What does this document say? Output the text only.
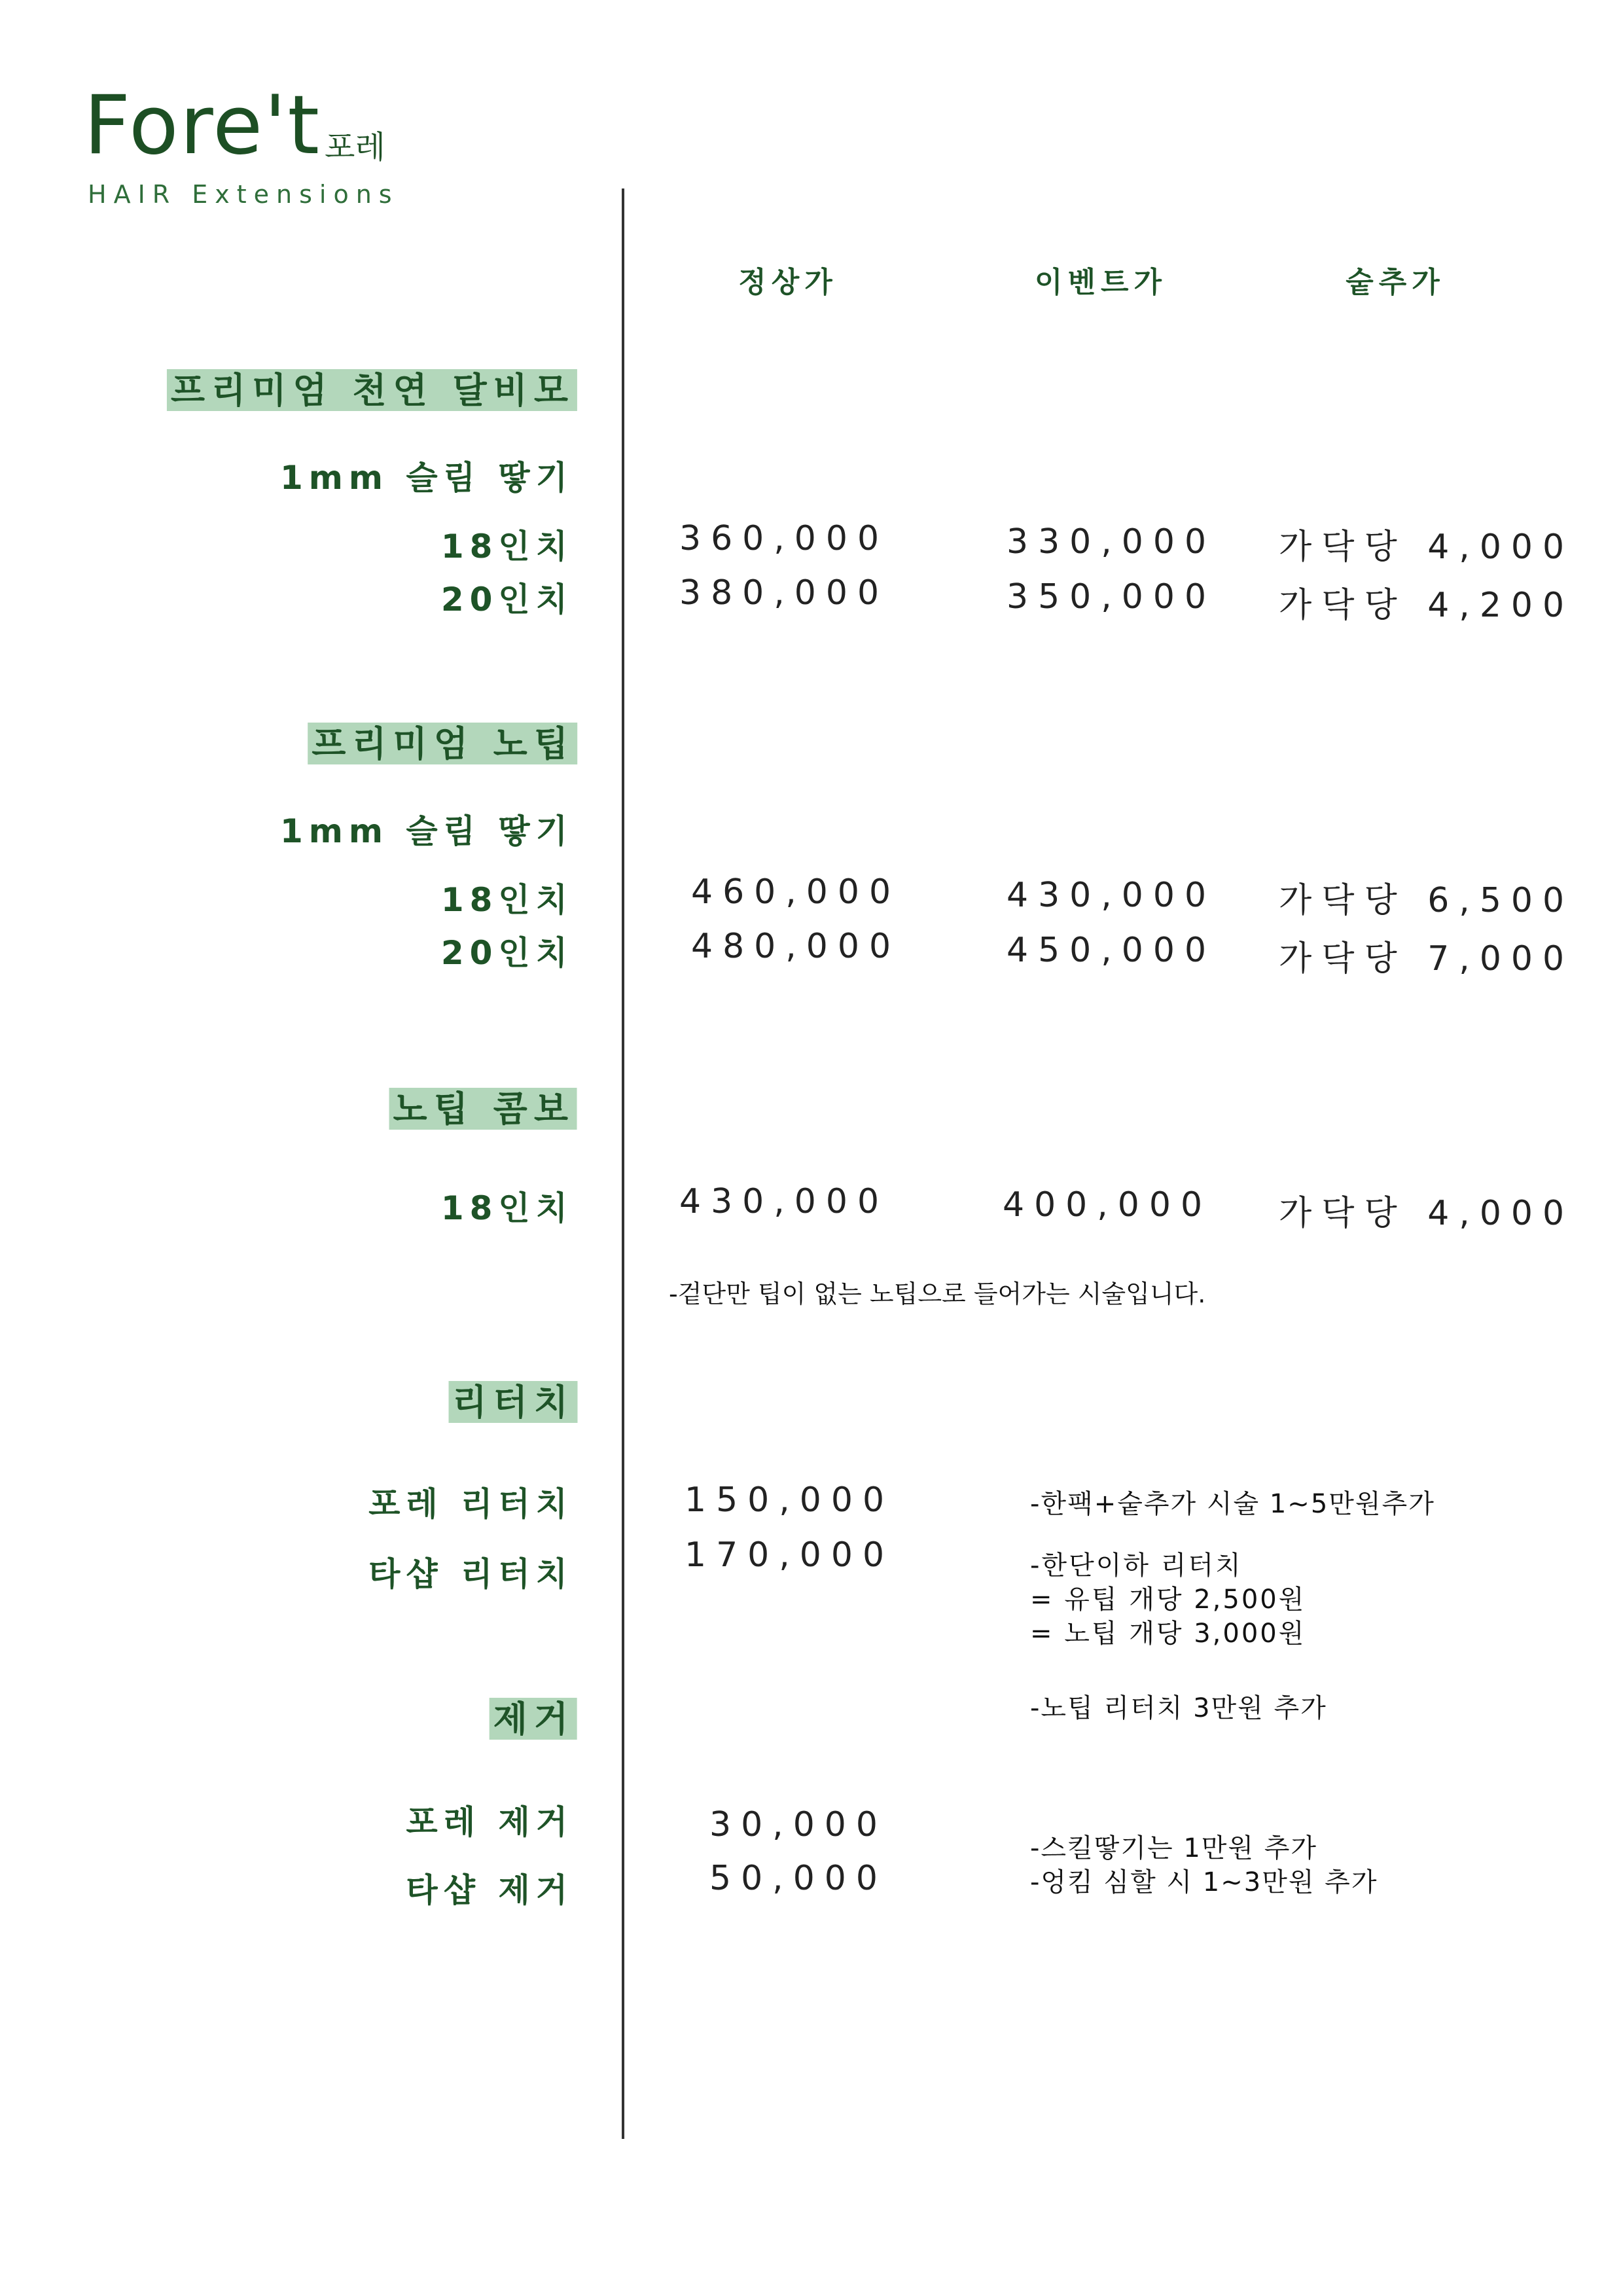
Fore't 포레
HAIR Extensions
정상가	이벤트가	숱추가
프리미엄 천연 달비모
1mm 슬림 땋기
18인치	360,000	330,000 가닥당 4,000
20인치	380,000	350,000 가닥당 4,200
프리미엄 노팁
1mm 슬림 땋기
18인치	460,000	430,000 가닥당 6,500
20인치	480,000	450,000 가닥당 7,000
노팁 콤보
18인치	430,000	400,000 가닥당 4,000
-겉단만 팁이 없는 노팁으로 들어가는 시술입니다.
리터치
포레 리터치	150,000
타샵 리터치	170,000
-한팩+숱추가 시술 1~5만원추가
-한단이하 리터치
= 유팁 개당 2,500원
= 노팁 개당 3,000원
-노팁 리터치 3만원 추가
제거
포레 제거	30,000
타샵 제거	50,000
-스킬땋기는 1만원 추가
-엉킴 심할 시 1~3만원 추가
